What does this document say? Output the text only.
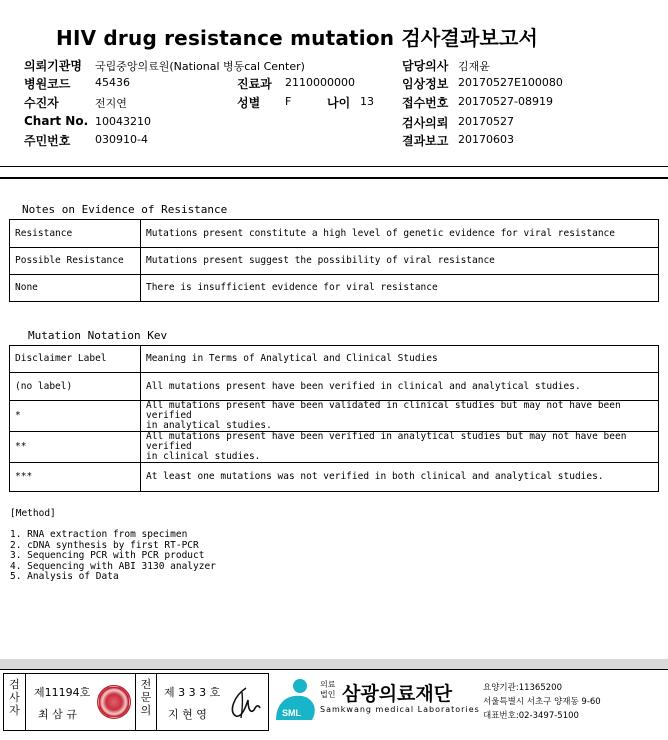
HIV drug resistance mutation 검사결과보고서
의뢰기관명 국립중앙의료원(National 병동cal Center)
병원코드 45436	진료과 2110000000
수진자	전지연	성별 F	나이 13
Chart No. 10043210
주민번호 030910-4
담당의사 김재윤
임상정보 20170527E100080
접수번호 20170527-08919
검사의뢰 20170527
결과보고 20170603
Notes on Evidence of Resistance
Resistance	Mutations present constitute a high level of genetic evidence for viral resistance
Possible Resistance	Mutations present suggest the possibility of viral resistance
None	There is insufficient evidence for viral resistance
Mutation Notation Kev
Disclaimer Label	Meaning in Terms of Analytical and Clinical Studies
(no label)	All mutations present have been verified in clinical and analytical studies.

*	All mutations present have been validated in clinical studies but may not have been verified
in analytical studies.

**	All mutations present have been verified in analytical studies but may not have been verified
in clinical studies.

***	At least one mutations was not verified in both clinical and analytical studies.
[Method]
1. RNA extraction from specimen
2. cDNA synthesis by first RT-PCR
3. Sequencing PCR with PCR product
4. Sequencing with ABI 3130 analyzer
5. Analysis of Data
검사자
제11194호
최 삼 규
전문의
제 3 3 3 호
지 현 영	SML
의료법인 삼광의료재단
Samkwang medical Laboratories
요양기관:11365200
서울특별시 서초구 양재동 9-60
대표번호:02-3497-5100
